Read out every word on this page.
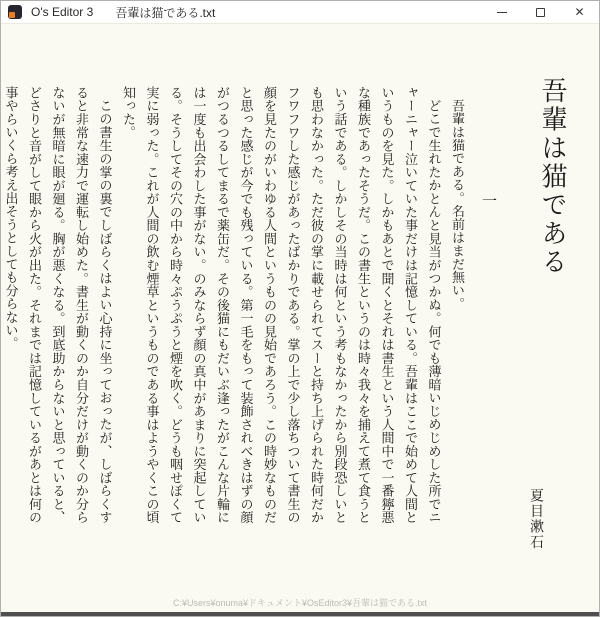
O's Editor 3 吾輩は猫である.txt	✕
吾輩は猫である
一
夏目漱石

吾輩は猫である。名前はまだ無い。

どこで生れたかとんと見当がつかぬ。何でも薄暗いじめじめした所でニャーニャー泣いていた事だけは記憶している。吾輩はここで始めて人間というものを見た。しかもあとで聞くとそれは書生という人間中で一番獰悪な種族であったそうだ。この書生というのは時々我々を捕えて煮て食うという話である。しかしその当時は何という考もなかったから別段恐しいとも思わなかった。ただ彼の掌に載せられてスーと持ち上げられた時何だかフワフワした感じがあったばかりである。掌の上で少し落ちついて書生の顔を見たのがいわゆる人間というものの見始であろう。この時妙なものだと思った感じが今でも残っている。第一毛をもって装飾されべきはずの顔がつるつるしてまるで薬缶だ。その後猫にもだいぶ逢ったがこんな片輪には一度も出会わした事がない。のみならず顔の真中があまりに突起している。そうしてその穴の中から時々ぷうぷうと煙を吹く。どうも咽せぽくて実に弱った。これが人間の飲む煙草というものである事はようやくこの頃知った。

この書生の掌の裏でしばらくはよい心持に坐っておったが、しばらくすると非常な速力で運転し始めた。書生が動くのか自分だけが動くのか分らないが無暗に眼が廻る。胸が悪くなる。到底助からないと思っていると、どさりと音がして眼から火が出た。それまでは記憶しているがあとは何の事やらいくら考え出そうとしても分らない。

C:¥Users¥onuma¥ドキュメント¥OsEditor3¥吾輩は猫である.txt
